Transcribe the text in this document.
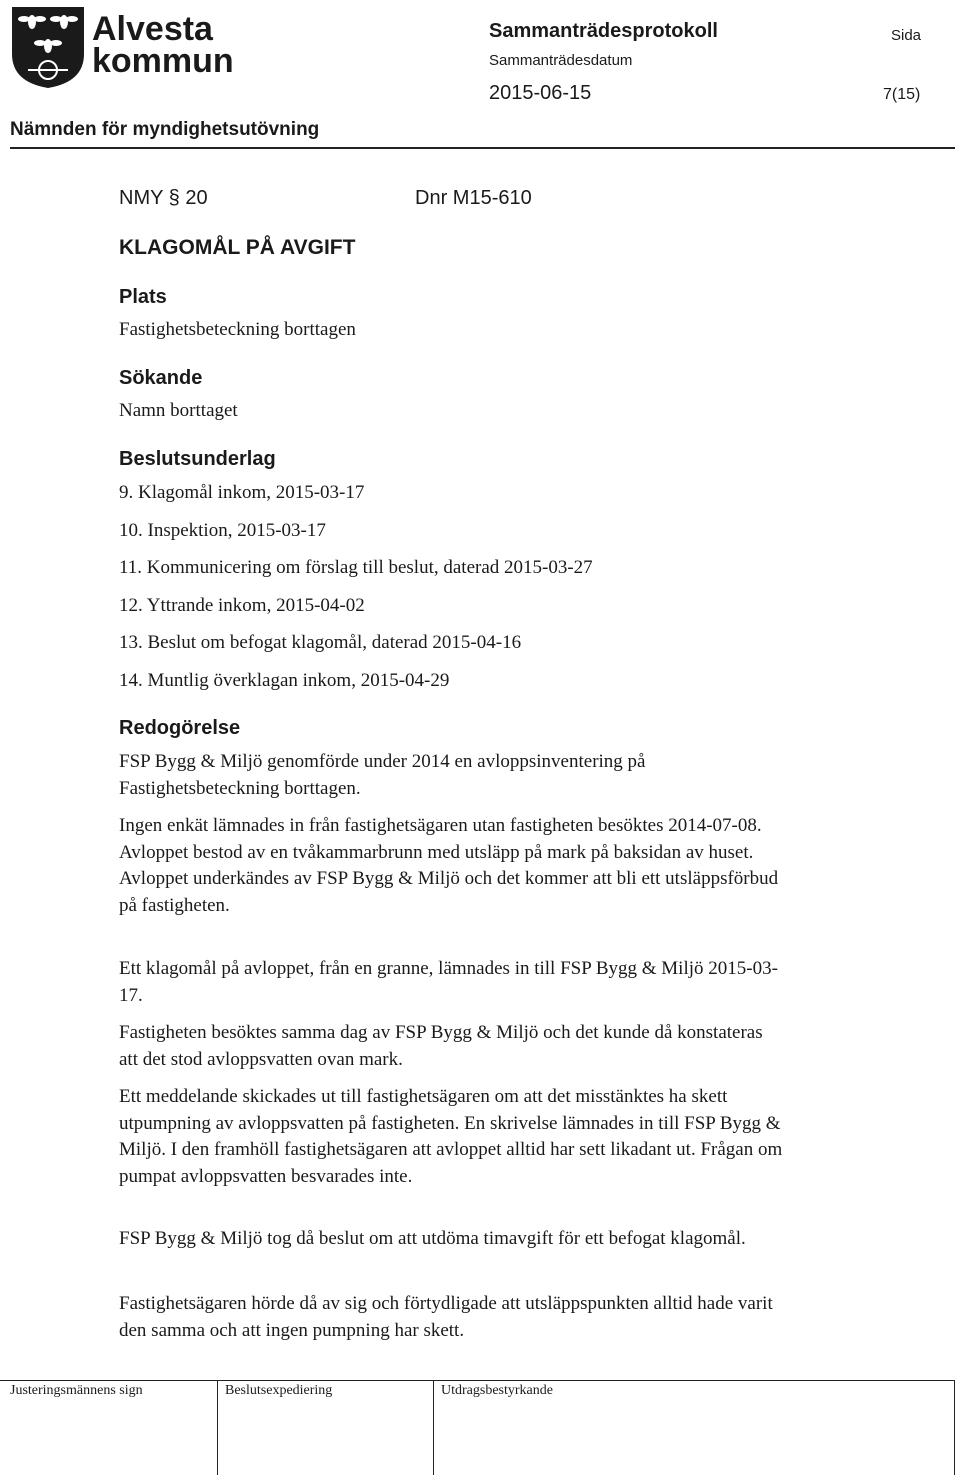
Alvesta
kommun
Sammanträdesprotokoll	Sida
Sammanträdesdatum
2015-06-15	7(15)
Nämnden för myndighetsutövning
NMY § 20	Dnr M15-610
KLAGOMÅL PÅ AVGIFT
Plats
Fastighetsbeteckning borttagen
Sökande
Namn borttaget
Beslutsunderlag
9. Klagomål inkom, 2015-03-17
10. Inspektion, 2015-03-17
11. Kommunicering om förslag till beslut, daterad 2015-03-27
12. Yttrande inkom, 2015-04-02
13. Beslut om befogat klagomål, daterad 2015-04-16
14. Muntlig överklagan inkom, 2015-04-29
Redogörelse

FSP Bygg & Miljö genomförde under 2014 en avloppsinventering på Fastighetsbeteckning borttagen.

Ingen enkät lämnades in från fastighetsägaren utan fastigheten besöktes 2014-07-08. Avloppet bestod av en tvåkammarbrunn med utsläpp på mark på baksidan av huset. Avloppet underkändes av FSP Bygg & Miljö och det kommer att bli ett utsläppsförbud på fastigheten.

Ett klagomål på avloppet, från en granne, lämnades in till FSP Bygg & Miljö 2015-03-17.

Fastigheten besöktes samma dag av FSP Bygg & Miljö och det kunde då konstateras att det stod avloppsvatten ovan mark.

Ett meddelande skickades ut till fastighetsägaren om att det misstänktes ha skett utpumpning av avloppsvatten på fastigheten. En skrivelse lämnades in till FSP Bygg & Miljö. I den framhöll fastighetsägaren att avloppet alltid har sett likadant ut. Frågan om pumpat avloppsvatten besvarades inte.

FSP Bygg & Miljö tog då beslut om att utdöma timavgift för ett befogat klagomål.

Fastighetsägaren hörde då av sig och förtydligade att utsläppspunkten alltid hade varit den samma och att ingen pumpning har skett.

Justeringsmännens sign	Beslutsexpediering	Utdragsbestyrkande
